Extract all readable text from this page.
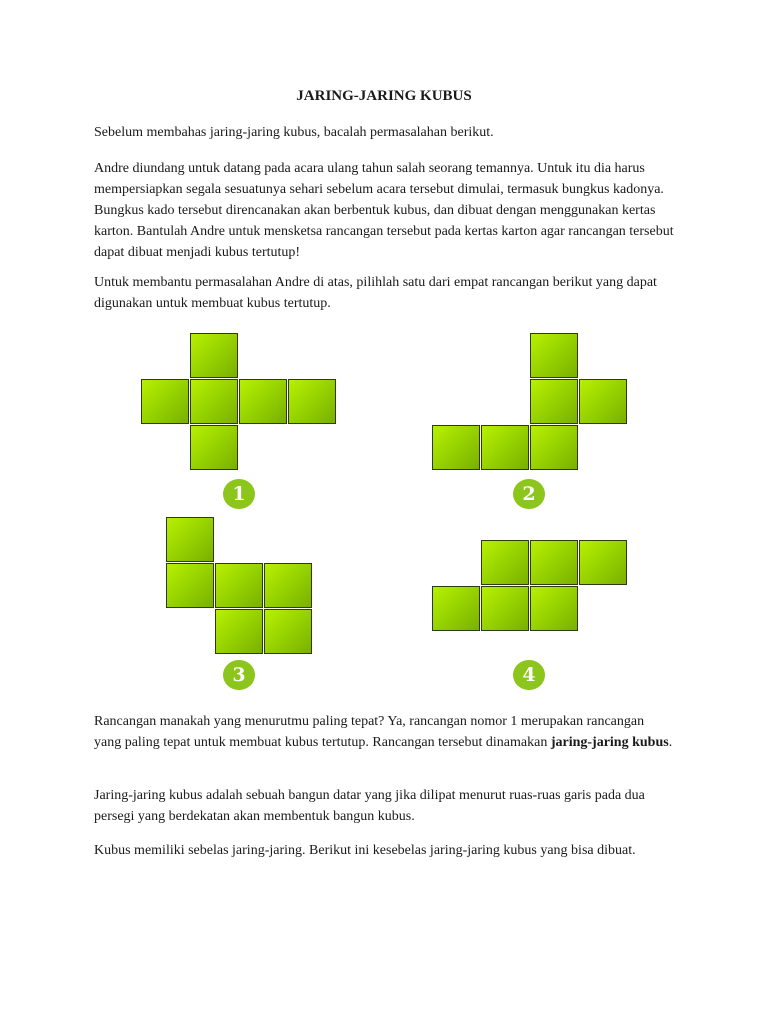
JARING-JARING KUBUS

Sebelum membahas jaring-jaring kubus, bacalah permasalahan berikut.

Andre diundang untuk datang pada acara ulang tahun salah seorang temannya. Untuk itu dia harus mempersiapkan segala sesuatunya sehari sebelum acara tersebut dimulai, termasuk bungkus kadonya. Bungkus kado tersebut direncanakan akan berbentuk kubus, dan dibuat dengan menggunakan kertas karton. Bantulah Andre untuk mensketsa rancangan tersebut pada kertas karton agar rancangan tersebut dapat dibuat menjadi kubus tertutup!

Untuk membantu permasalahan Andre di atas, pilihlah satu dari empat rancangan berikut yang dapat digunakan untuk membuat kubus tertutup.

1	2
3	4

Rancangan manakah yang menurutmu paling tepat? Ya, rancangan nomor 1 merupakan rancangan yang paling tepat untuk membuat kubus tertutup. Rancangan tersebut dinamakan jaring-jaring kubus.

Jaring-jaring kubus adalah sebuah bangun datar yang jika dilipat menurut ruas-ruas garis pada dua persegi yang berdekatan akan membentuk bangun kubus.

Kubus memiliki sebelas jaring-jaring. Berikut ini kesebelas jaring-jaring kubus yang bisa dibuat.
